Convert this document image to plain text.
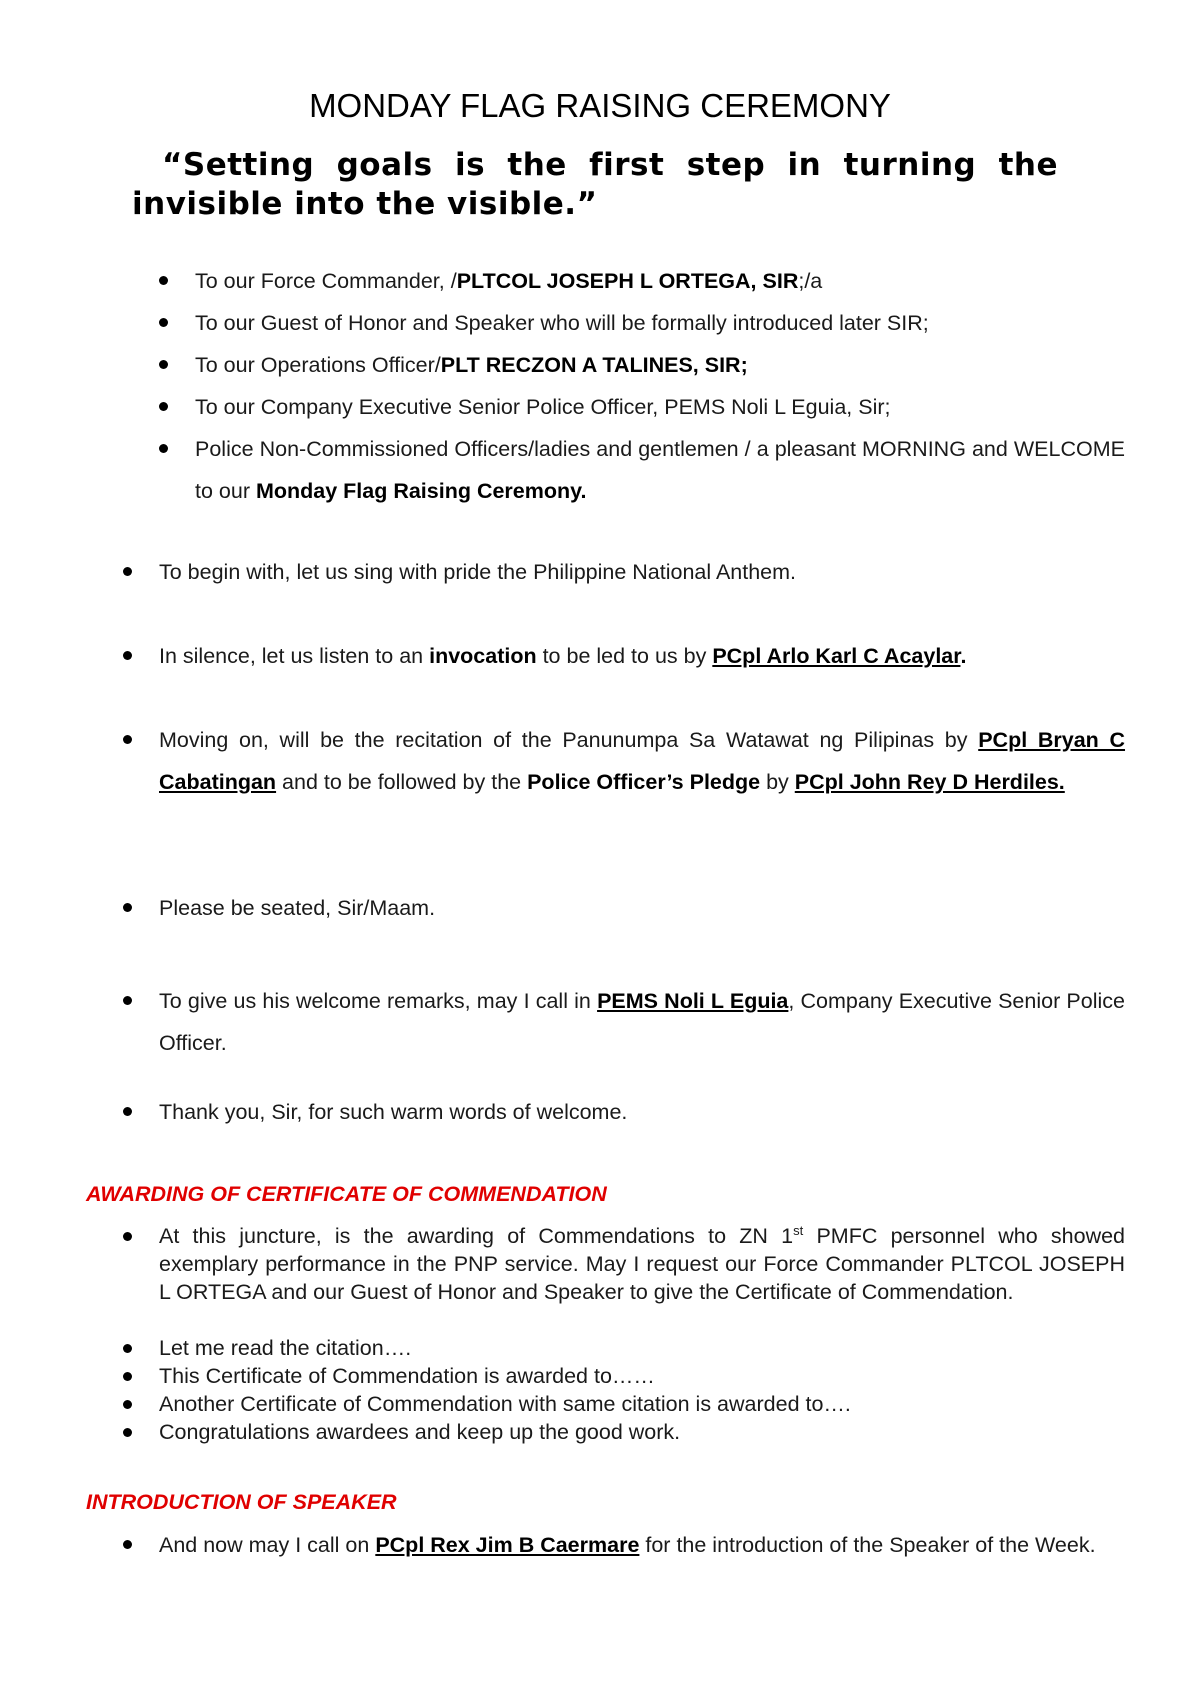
MONDAY FLAG RAISING CEREMONY
“Setting goals is the first step in turning the invisible into the visible.”
To our Force Commander, /PLTCOL JOSEPH L ORTEGA, SIR;/a
To our Guest of Honor and Speaker who will be formally introduced later SIR;
To our Operations Officer/PLT RECZON A TALINES, SIR;
To our Company Executive Senior Police Officer, PEMS Noli L Eguia, Sir;
Police Non-Commissioned Officers/ladies and gentlemen / a pleasant MORNING and WELCOME to our Monday Flag Raising Ceremony.
To begin with, let us sing with pride the Philippine National Anthem.
In silence, let us listen to an invocation to be led to us by PCpl Arlo Karl C Acaylar.
Moving on, will be the recitation of the Panunumpa Sa Watawat ng Pilipinas by PCpl Bryan C Cabatingan and to be followed by the Police Officer’s Pledge by PCpl John Rey D Herdiles.
Please be seated, Sir/Maam.
To give us his welcome remarks, may I call in PEMS Noli L Eguia, Company Executive Senior Police Officer.
Thank you, Sir, for such warm words of welcome.
AWARDING OF CERTIFICATE OF COMMENDATION
At this juncture, is the awarding of Commendations to ZN 1st PMFC personnel who showed exemplary performance in the PNP service. May I request our Force Commander PLTCOL JOSEPH L ORTEGA and our Guest of Honor and Speaker to give the Certificate of Commendation.
Let me read the citation….
This Certificate of Commendation is awarded to……
Another Certificate of Commendation with same citation is awarded to….
Congratulations awardees and keep up the good work.
INTRODUCTION OF SPEAKER
And now may I call on PCpl Rex Jim B Caermare for the introduction of the Speaker of the Week.
